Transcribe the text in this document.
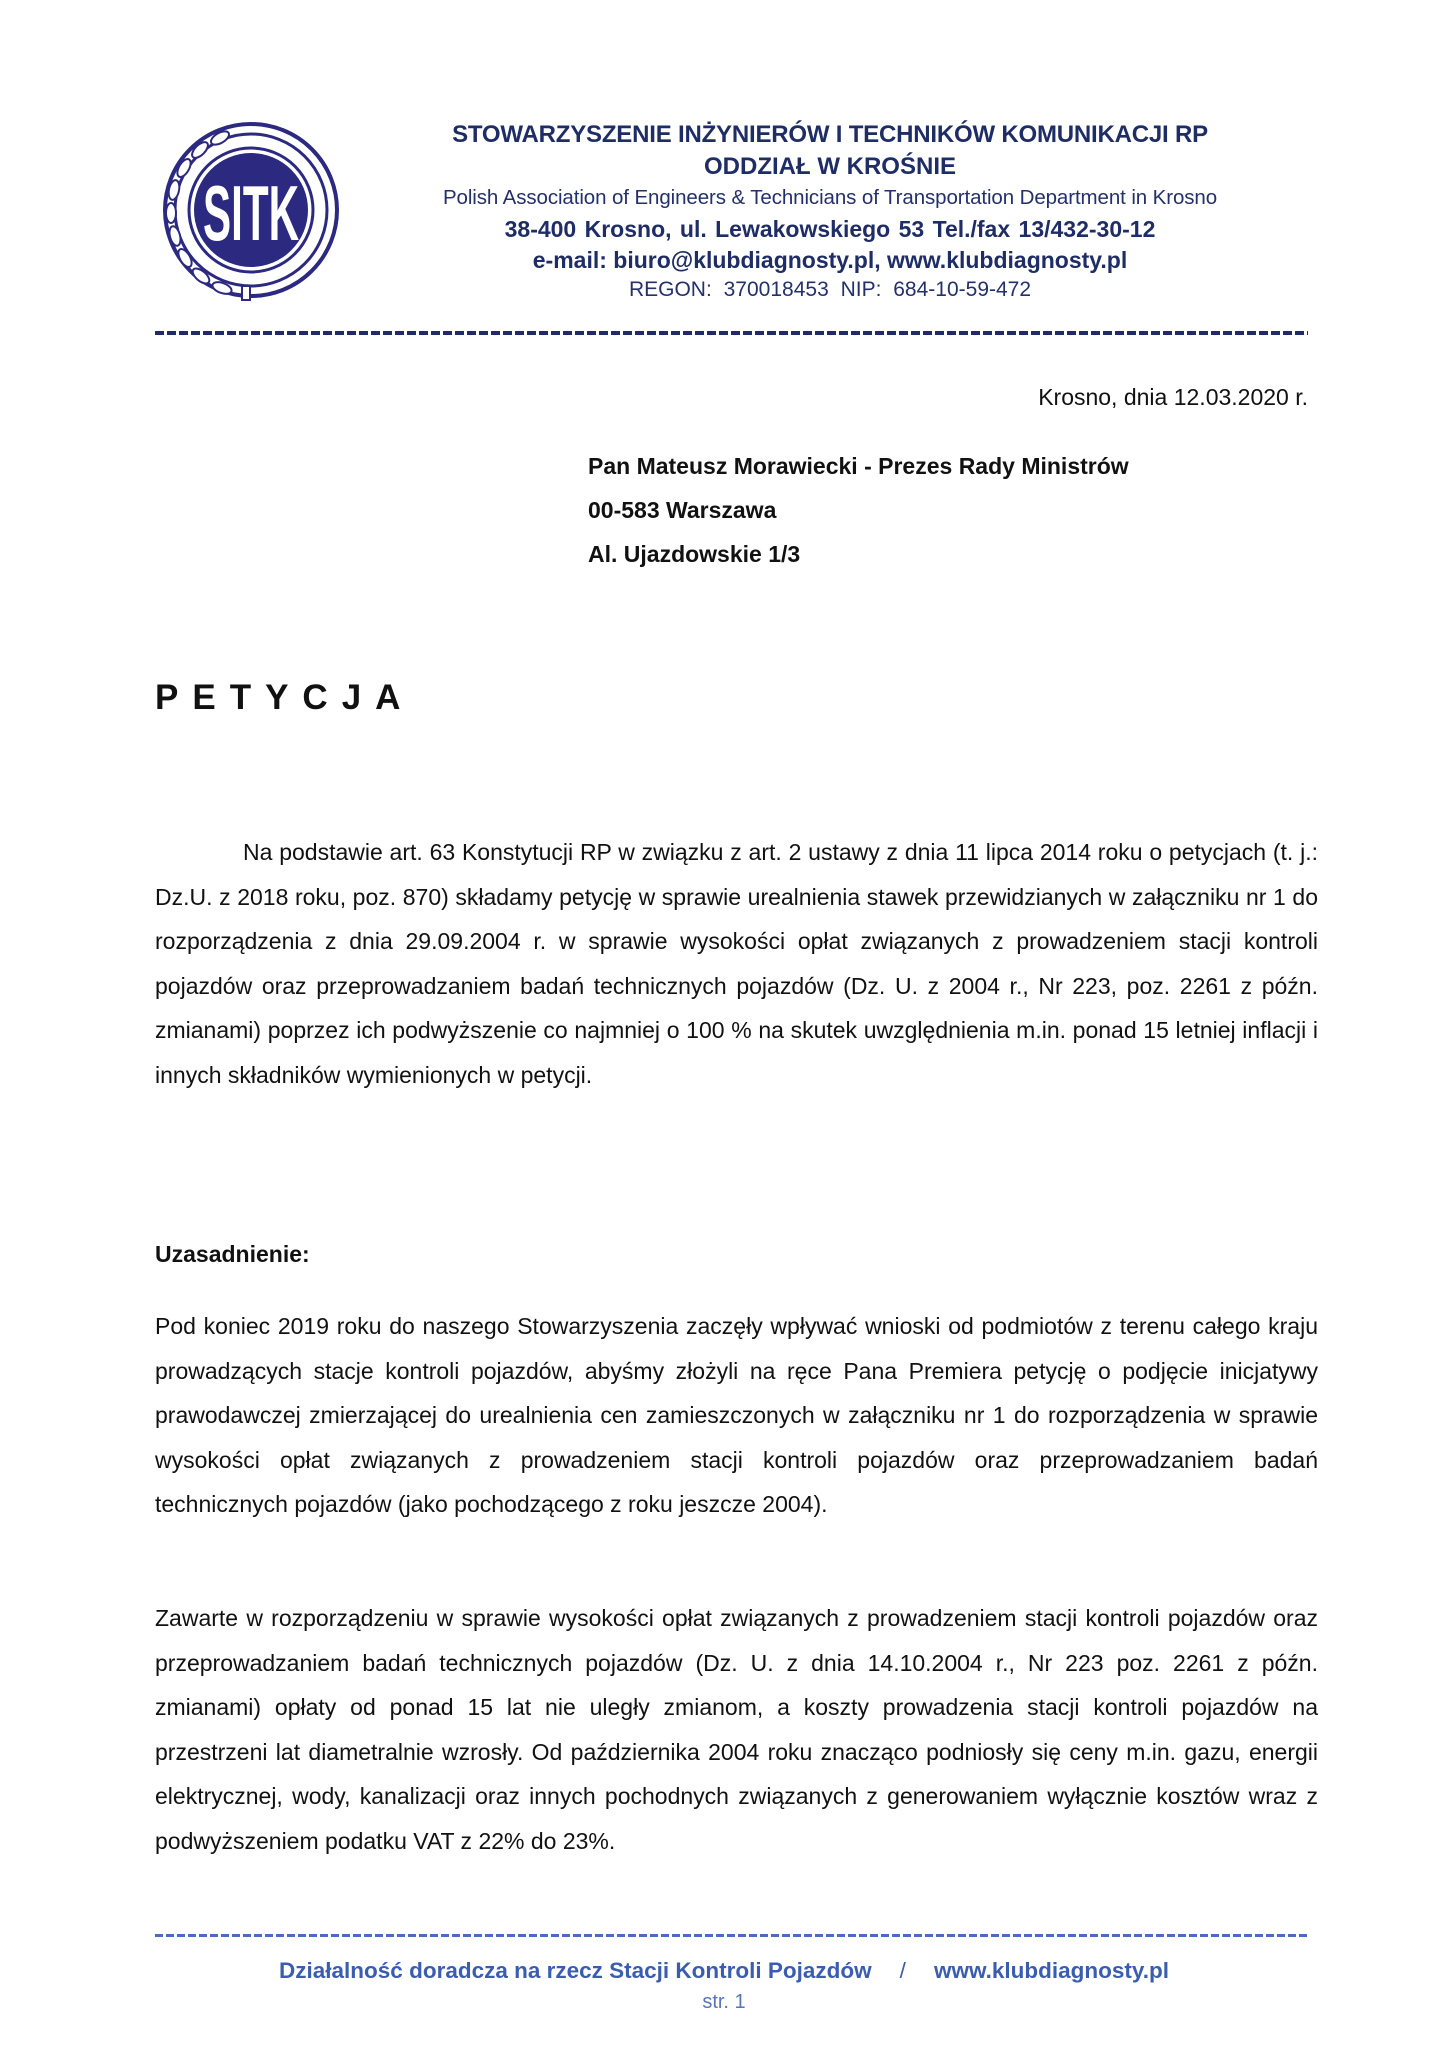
SITK
STOWARZYSZENIE INŻYNIERÓW I TECHNIKÓW KOMUNIKACJI RP
ODDZIAŁ W KROŚNIE
Polish Association of Engineers & Technicians of Transportation Department in Krosno
38-400 Krosno, ul. Lewakowskiego 53 Tel./fax 13/432-30-12
e-mail: biuro@klubdiagnosty.pl, www.klubdiagnosty.pl
REGON: 370018453 NIP: 684-10-59-472
Krosno, dnia 12.03.2020 r.
Pan Mateusz Morawiecki - Prezes Rady Ministrów
00-583 Warszawa
Al. Ujazdowskie 1/3
PETYCJA
Na podstawie art. 63 Konstytucji RP w związku z art. 2 ustawy z dnia 11 lipca 2014 roku o petycjach (t. j.: Dz.U. z 2018 roku, poz. 870) składamy petycję w sprawie urealnienia stawek przewidzianych w załączniku nr 1 do rozporządzenia z dnia 29.09.2004 r. w sprawie wysokości opłat związanych z prowadzeniem stacji kontroli pojazdów oraz przeprowadzaniem badań technicznych pojazdów (Dz. U. z 2004 r., Nr 223, poz. 2261 z późn. zmianami) poprzez ich podwyższenie co najmniej o 100 % na skutek uwzględnienia m.in. ponad 15 letniej inflacji i innych składników wymienionych w petycji.
Uzasadnienie:
Pod koniec 2019 roku do naszego Stowarzyszenia zaczęły wpływać wnioski od podmiotów z terenu całego kraju prowadzących stacje kontroli pojazdów, abyśmy złożyli na ręce Pana Premiera petycję o podjęcie inicjatywy prawodawczej zmierzającej do urealnienia cen zamieszczonych w załączniku nr 1 do rozporządzenia w sprawie wysokości opłat związanych z prowadzeniem stacji kontroli pojazdów oraz przeprowadzaniem badań technicznych pojazdów (jako pochodzącego z roku jeszcze 2004).
Zawarte w rozporządzeniu w sprawie wysokości opłat związanych z prowadzeniem stacji kontroli pojazdów oraz przeprowadzaniem badań technicznych pojazdów (Dz. U. z dnia 14.10.2004 r., Nr 223 poz. 2261 z późn. zmianami) opłaty od ponad 15 lat nie uległy zmianom, a koszty prowadzenia stacji kontroli pojazdów na przestrzeni lat diametralnie wzrosły. Od października 2004 roku znacząco podniosły się ceny m.in. gazu, energii elektrycznej, wody, kanalizacji oraz innych pochodnych związanych z generowaniem wyłącznie kosztów wraz z podwyższeniem podatku VAT z 22% do 23%.
Działalność doradcza na rzecz Stacji Kontroli Pojazdów / www.klubdiagnosty.pl
str. 1
